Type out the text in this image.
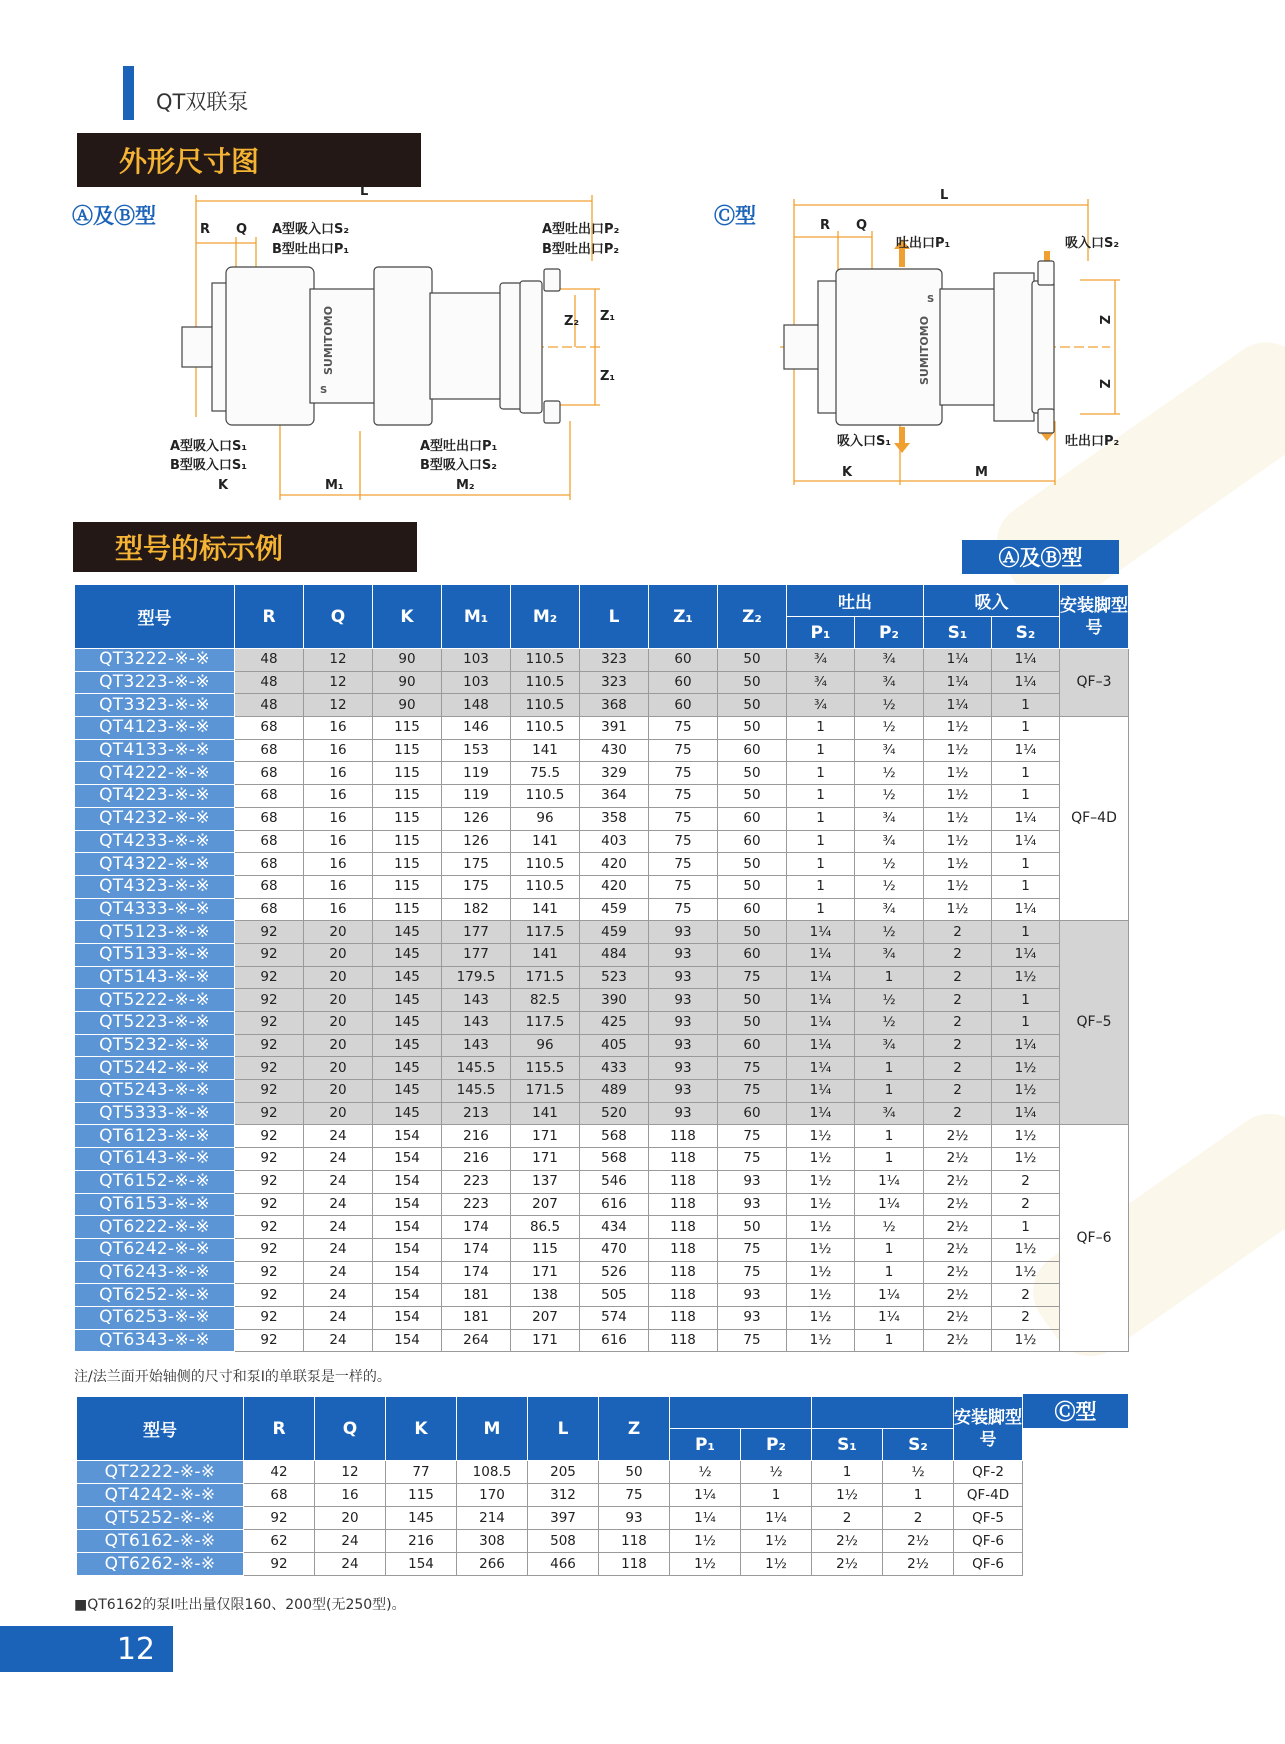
QT双联泵
外形尺寸图
Ⓐ及Ⓑ型	Ⓒ型
L
R Q A型吸入口S₂
B型吐出口P₁
A型吐出口P₂
B型吐出口P₂
A型吸入口S₁
B型吸入口S₁
A型吐出口P₁
B型吸入口S₂
K	M₁	M₂
Z₂ Z₁
Z₁
SUMITOMO
S
L
R Q
吐出口P₁	吸入口S₂
吸入口S₁	吐出口P₂
K	M
Z
Z
SUMITOMO
S
型号的标示例	Ⓐ及Ⓑ型
型号	R	Q	K	M₁	M₂	L	Z₁	Z₂	吐出		吸入		安装脚型号
									P₁	P₂	S₁	S₂	
QT3222-※-※	48	12	90	103	110.5	323	60	50	¾	¾	1¼	1¼	QF–3
QT3223-※-※	48	12	90	103	110.5	323	60	50	¾	¾	1¼	1¼	
QT3323-※-※	48	12	90	148	110.5	368	60	50	¾	½	1¼	1	
QT4123-※-※	68	16	115	146	110.5	391	75	50	1	½	1½	1	QF–4D
QT4133-※-※	68	16	115	153	141	430	75	60	1	¾	1½	1¼	
QT4222-※-※	68	16	115	119	75.5	329	75	50	1	½	1½	1	
QT4223-※-※	68	16	115	119	110.5	364	75	50	1	½	1½	1	
QT4232-※-※	68	16	115	126	96	358	75	60	1	¾	1½	1¼	
QT4233-※-※	68	16	115	126	141	403	75	60	1	¾	1½	1¼	
QT4322-※-※	68	16	115	175	110.5	420	75	50	1	½	1½	1	
QT4323-※-※	68	16	115	175	110.5	420	75	50	1	½	1½	1	
QT4333-※-※	68	16	115	182	141	459	75	60	1	¾	1½	1¼	
QT5123-※-※	92	20	145	177	117.5	459	93	50	1¼	½	2	1	QF–5
QT5133-※-※	92	20	145	177	141	484	93	60	1¼	¾	2	1¼	
QT5143-※-※	92	20	145	179.5	171.5	523	93	75	1¼	1	2	1½	
QT5222-※-※	92	20	145	143	82.5	390	93	50	1¼	½	2	1	
QT5223-※-※	92	20	145	143	117.5	425	93	50	1¼	½	2	1	
QT5232-※-※	92	20	145	143	96	405	93	60	1¼	¾	2	1¼	
QT5242-※-※	92	20	145	145.5	115.5	433	93	75	1¼	1	2	1½	
QT5243-※-※	92	20	145	145.5	171.5	489	93	75	1¼	1	2	1½	
QT5333-※-※	92	20	145	213	141	520	93	60	1¼	¾	2	1¼	
QT6123-※-※	92	24	154	216	171	568	118	75	1½	1	2½	1½	QF–6
QT6143-※-※	92	24	154	216	171	568	118	75	1½	1	2½	1½	
QT6152-※-※	92	24	154	223	137	546	118	93	1½	1¼	2½	2	
QT6153-※-※	92	24	154	223	207	616	118	93	1½	1¼	2½	2	
QT6222-※-※	92	24	154	174	86.5	434	118	50	1½	½	2½	1	
QT6242-※-※	92	24	154	174	115	470	118	75	1½	1	2½	1½	
QT6243-※-※	92	24	154	174	171	526	118	75	1½	1	2½	1½	
QT6252-※-※	92	24	154	181	138	505	118	93	1½	1¼	2½	2	
QT6253-※-※	92	24	154	181	207	574	118	93	1½	1¼	2½	2	
QT6343-※-※	92	24	154	264	171	616	118	75	1½	1	2½	1½	
注/法兰面开始轴侧的尺寸和泵Ⅰ的单联泵是一样的。
Ⓒ型
型号	R	Q	K	M	L	Z					安装脚型号
							P₁	P₂	S₁	S₂	
QT2222-※-※	42	12	77	108.5	205	50	½	½	1	½	QF-2
QT4242-※-※	68	16	115	170	312	75	1¼	1	1½	1	QF-4D
QT5252-※-※	92	20	145	214	397	93	1¼	1¼	2	2	QF-5
QT6162-※-※	62	24	216	308	508	118	1½	1½	2½	2½	QF-6
QT6262-※-※	92	24	154	266	466	118	1½	1½	2½	2½	QF-6
■QT6162的泵Ⅰ吐出量仅限160、200型(无250型)。
12
